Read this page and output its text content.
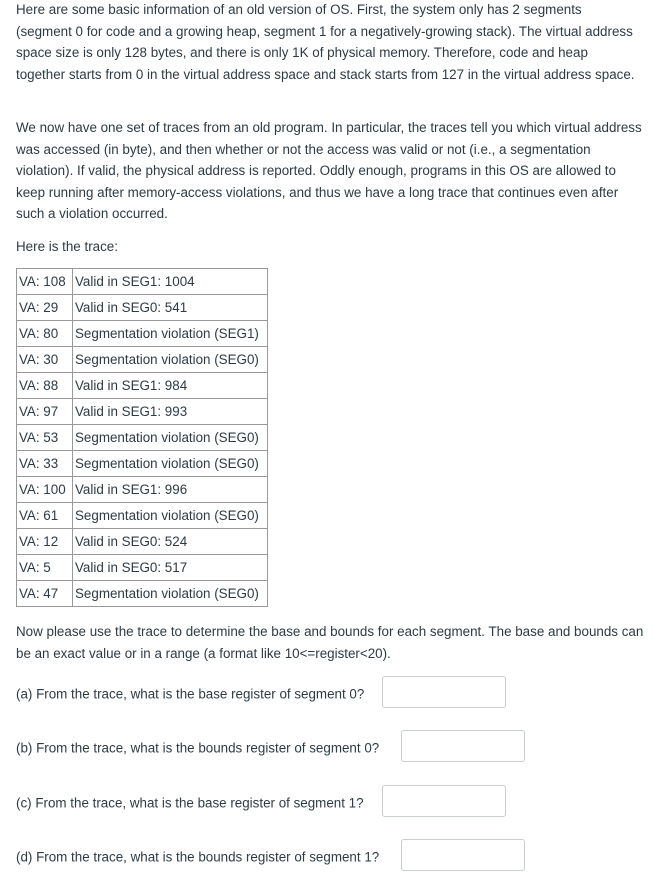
Here are some basic information of an old version of OS. First, the system only has 2 segments (segment 0 for code and a growing heap, segment 1 for a negatively-growing stack). The virtual address space size is only 128 bytes, and there is only 1K of physical memory. Therefore, code and heap together starts from 0 in the virtual address space and stack starts from 127 in the virtual address space.

We now have one set of traces from an old program. In particular, the traces tell you which virtual address was accessed (in byte), and then whether or not the access was valid or not (i.e., a segmentation violation). If valid, the physical address is reported. Oddly enough, programs in this OS are allowed to keep running after memory-access violations, and thus we have a long trace that continues even after such a violation occurred.

Here is the trace:

VA: 108	Valid in SEG1: 1004
VA: 29	Valid in SEG0: 541
VA: 80	Segmentation violation (SEG1)
VA: 30	Segmentation violation (SEG0)
VA: 88	Valid in SEG1: 984
VA: 97	Valid in SEG1: 993
VA: 53	Segmentation violation (SEG0)
VA: 33	Segmentation violation (SEG0)
VA: 100	Valid in SEG1: 996
VA: 61	Segmentation violation (SEG0)
VA: 12	Valid in SEG0: 524
VA: 5	Valid in SEG0: 517
VA: 47	Segmentation violation (SEG0)

Now please use the trace to determine the base and bounds for each segment. The base and bounds can be an exact value or in a range (a format like 10<=register<20).

(a) From the trace, what is the base register of segment 0?
(b) From the trace, what is the bounds register of segment 0?
(c) From the trace, what is the base register of segment 1?
(d) From the trace, what is the bounds register of segment 1?
